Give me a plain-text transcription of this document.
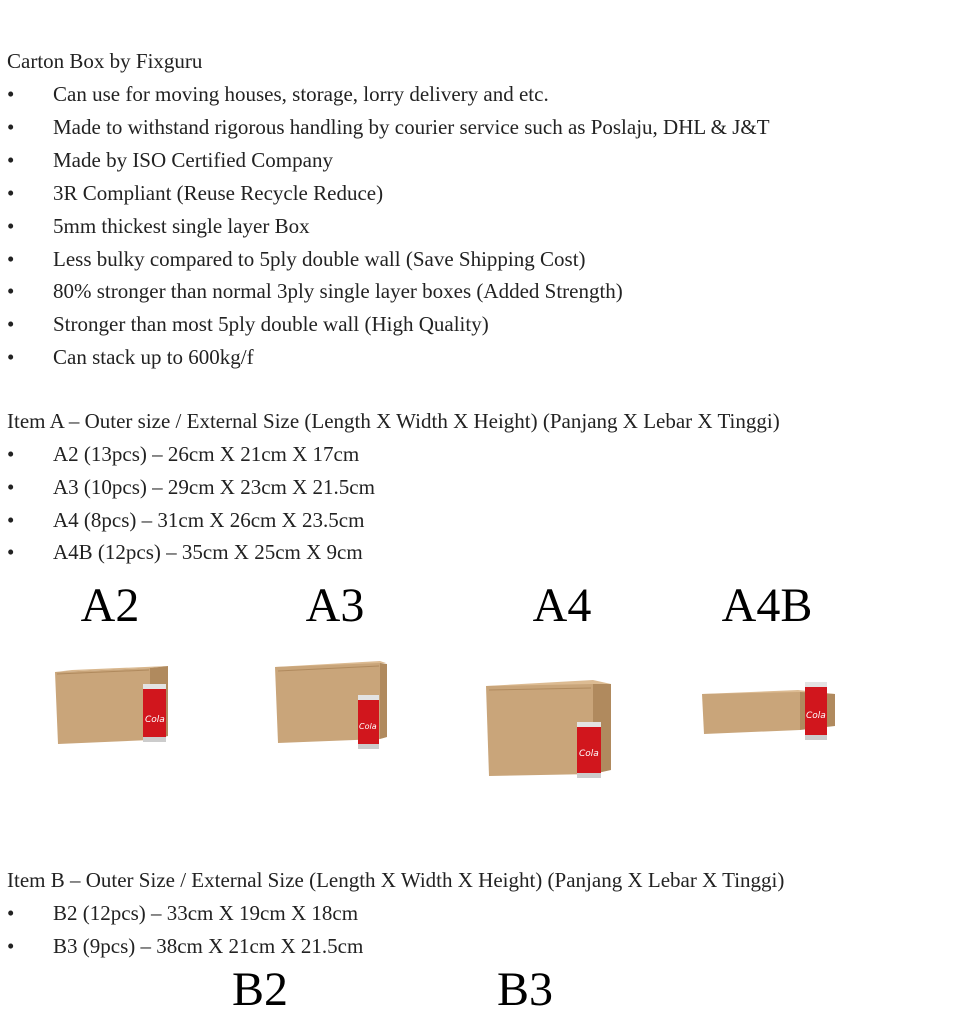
Carton Box by Fixguru
• Can use for moving houses, storage, lorry delivery and etc.
• Made to withstand rigorous handling by courier service such as Poslaju, DHL & J&T
• Made by ISO Certified Company
• 3R Compliant (Reuse Recycle Reduce)
• 5mm thickest single layer Box
• Less bulky compared to 5ply double wall (Save Shipping Cost)
• 80% stronger than normal 3ply single layer boxes (Added Strength)
• Stronger than most 5ply double wall (High Quality)
• Can stack up to 600kg/f
Item A – Outer size / External Size (Length X Width X Height) (Panjang X Lebar X Tinggi)
• A2 (13pcs) – 26cm X 21cm X 17cm
• A3 (10pcs) – 29cm X 23cm X 21.5cm
• A4 (8pcs) – 31cm X 26cm X 23.5cm
• A4B (12pcs) – 35cm X 25cm X 9cm
A2	A3	A4	A4B
Cola
Cola
Cola
Cola
Item B – Outer Size / External Size (Length X Width X Height) (Panjang X Lebar X Tinggi)
• B2 (12pcs) – 33cm X 19cm X 18cm
• B3 (9pcs) – 38cm X 21cm X 21.5cm
B2	B3
